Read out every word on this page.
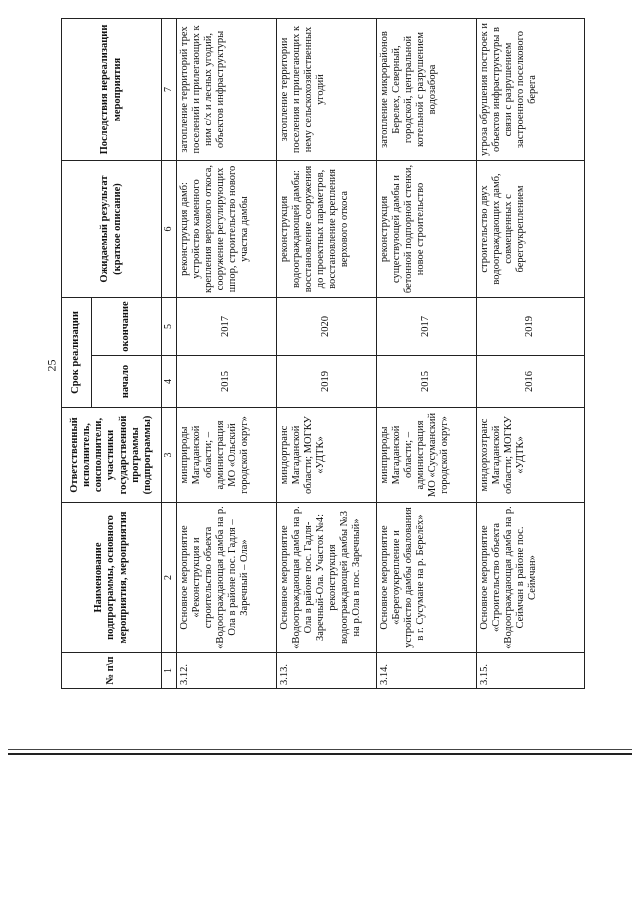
25
№ п\п	Наименование подпрограммы, основного мероприятия, мероприятия	Ответственный исполнитель, соисполнители, участники государственной программы (подпрограммы)	Срок реализации		Ожидаемый результат (краткое описание)	Последствия нереализации мероприятия
			начало	окончание		
1	2	3	4	5	6	7
3.12.	Основное мероприятие «Реконструкция и строительство объекта «Водоограждающая дамба на р. Ола в районе пос. Гадля – Заречный – Ола»	минприроды Магаданской области; – администрация МО «Ольский городской округ»	2015	2017	реконструкция дамб: устройство каменного крепления верхового откоса, сооружение регулирующих шпор, строительство нового участка дамбы	затопление территорий трех поселений и прилегающих к ним с/х и лесных угодий, объектов инфраструктуры
3.13.	Основное мероприятие «Водоограждающая дамба на р. Ола в районе пос. Гадля-Заречный-Ола. Участок №4: реконструкция водоограждающей дамбы №3 на р.Ола в пос. Заречный»	миндортранс Магаданской области; МОГКУ «УДТК»	2019	2020	реконструкция водоограждающей дамбы: восстановление сооружения до проектных параметров, восстановление крепления верхового откоса	затопление территории поселения и прилегающих к нему сельскохозяйственных угодий
3.14.	Основное мероприятие «Берегоукрепление и устройство дамбы обвалования в г. Сусумане на р. Берелёх»	минприроды Магаданской области; – администрация МО «Сусуманский городской округ»	2015	2017	реконструкция существующей дамбы и бетонной подпорной стенки, новое строительство	затопление микрорайонов Берелех, Северный, городской, центральной котельной с разрушением водозабора
3.15.	Основное мероприятие «Строительство объекта «Водоограждающая дамба на р. Сеймчан в районе пос. Сеймчан»	миндорхозтранс Магаданской области; МОГКУ «УДТК»	2016	2019	строительство двух водоограждающих дамб, совмещенных с берегоукреплением	угроза обрушения построек и объектов инфраструктуры в связи с разрушением застроенного поселкового берега
